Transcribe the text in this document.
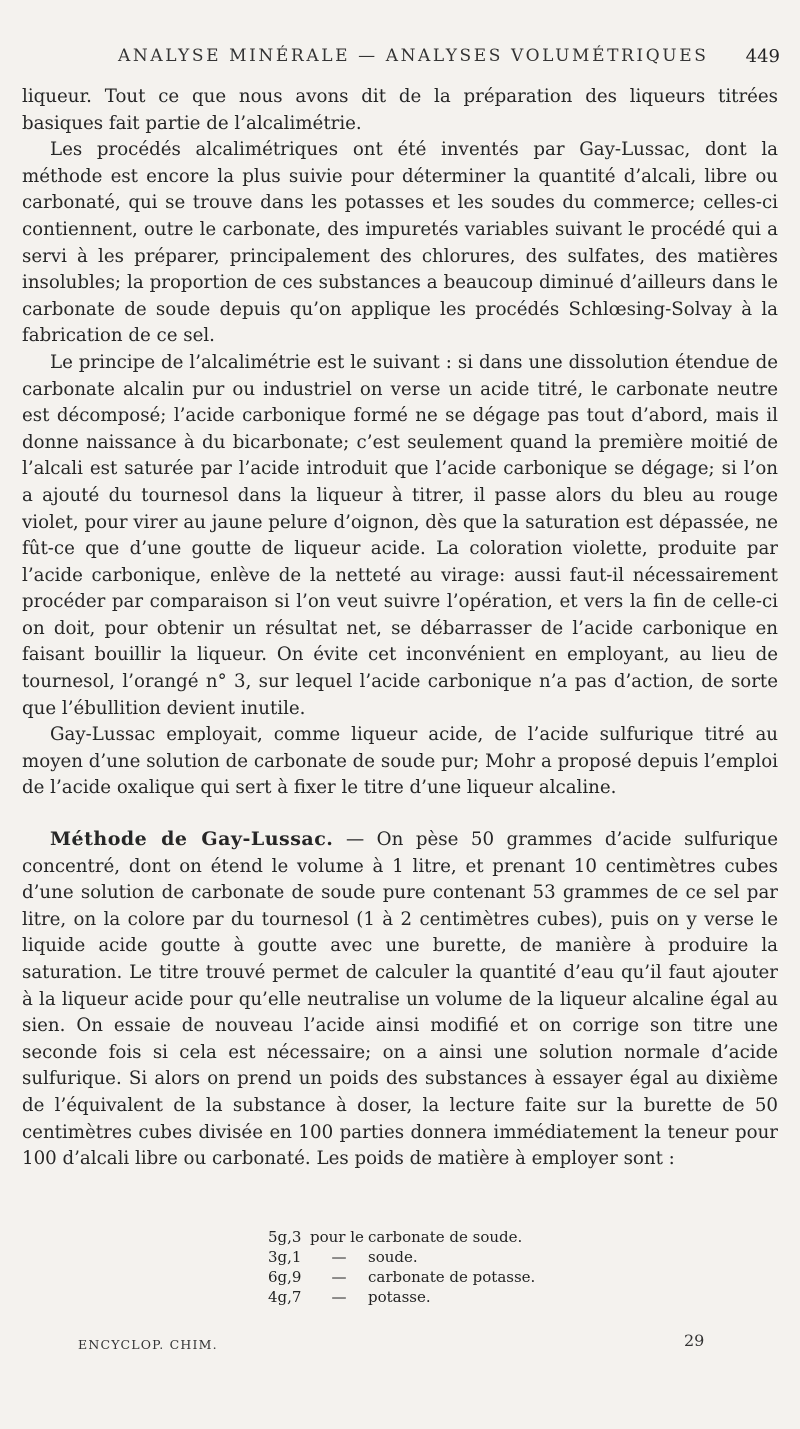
ANALYSE MINÉRALE — ANALYSES VOLUMÉTRIQUES 449

liqueur. Tout ce que nous avons dit de la préparation des liqueurs titrées basiques fait partie de l’alcalimétrie.

Les procédés alcalimétriques ont été inventés par Gay-Lussac, dont la méthode est encore la plus suivie pour déterminer la quantité d’alcali, libre ou carbonaté, qui se trouve dans les potasses et les soudes du commerce; celles-ci contiennent, outre le carbonate, des impuretés variables suivant le procédé qui a servi à les préparer, principalement des chlorures, des sulfates, des matières insolubles; la proportion de ces substances a beaucoup diminué d’ailleurs dans le carbonate de soude depuis qu’on applique les procédés Schlœsing-Solvay à la fabrication de ce sel.

Le principe de l’alcalimétrie est le suivant : si dans une dissolution étendue de carbonate alcalin pur ou industriel on verse un acide titré, le carbonate neutre est décomposé; l’acide carbonique formé ne se dégage pas tout d’abord, mais il donne naissance à du bicarbonate; c’est seulement quand la première moitié de l’alcali est saturée par l’acide introduit que l’acide carbonique se dégage; si l’on a ajouté du tournesol dans la liqueur à titrer, il passe alors du bleu au rouge violet, pour virer au jaune pelure d’oignon, dès que la saturation est dépassée, ne fût-ce que d’une goutte de liqueur acide. La coloration violette, produite par l’acide carbonique, enlève de la netteté au virage: aussi faut-il nécessairement procéder par comparaison si l’on veut suivre l’opération, et vers la fin de celle-ci on doit, pour obtenir un résultat net, se débarrasser de l’acide carbonique en faisant bouillir la liqueur. On évite cet inconvénient en employant, au lieu de tournesol, l’orangé n° 3, sur lequel l’acide carbonique n’a pas d’action, de sorte que l’ébullition devient inutile.

Gay-Lussac employait, comme liqueur acide, de l’acide sulfurique titré au moyen d’une solution de carbonate de soude pur; Mohr a proposé depuis l’emploi de l’acide oxalique qui sert à fixer le titre d’une liqueur alcaline.

Méthode de Gay-Lussac. — On pèse 50 grammes d’acide sulfurique concentré, dont on étend le volume à 1 litre, et prenant 10 centimètres cubes d’une solution de carbonate de soude pure contenant 53 grammes de ce sel par litre, on la colore par du tournesol (1 à 2 centimètres cubes), puis on y verse le liquide acide goutte à goutte avec une burette, de manière à produire la saturation. Le titre trouvé permet de calculer la quantité d’eau qu’il faut ajouter à la liqueur acide pour qu’elle neutralise un volume de la liqueur alcaline égal au sien. On essaie de nouveau l’acide ainsi modifié et on corrige son titre une seconde fois si cela est nécessaire; on a ainsi une solution normale d’acide sulfurique. Si alors on prend un poids des substances à essayer égal au dixième de l’équivalent de la substance à doser, la lecture faite sur la burette de 50 centimètres cubes divisée en 100 parties donnera immédiatement la teneur pour 100 d’alcali libre ou carbonaté. Les poids de matière à employer sont :

5g,3	pour le	carbonate de soude.
3g,1	—	soude.
6g,9	—	carbonate de potasse.
4g,7	—	potasse.
ENCYCLOP. CHIM.	29
